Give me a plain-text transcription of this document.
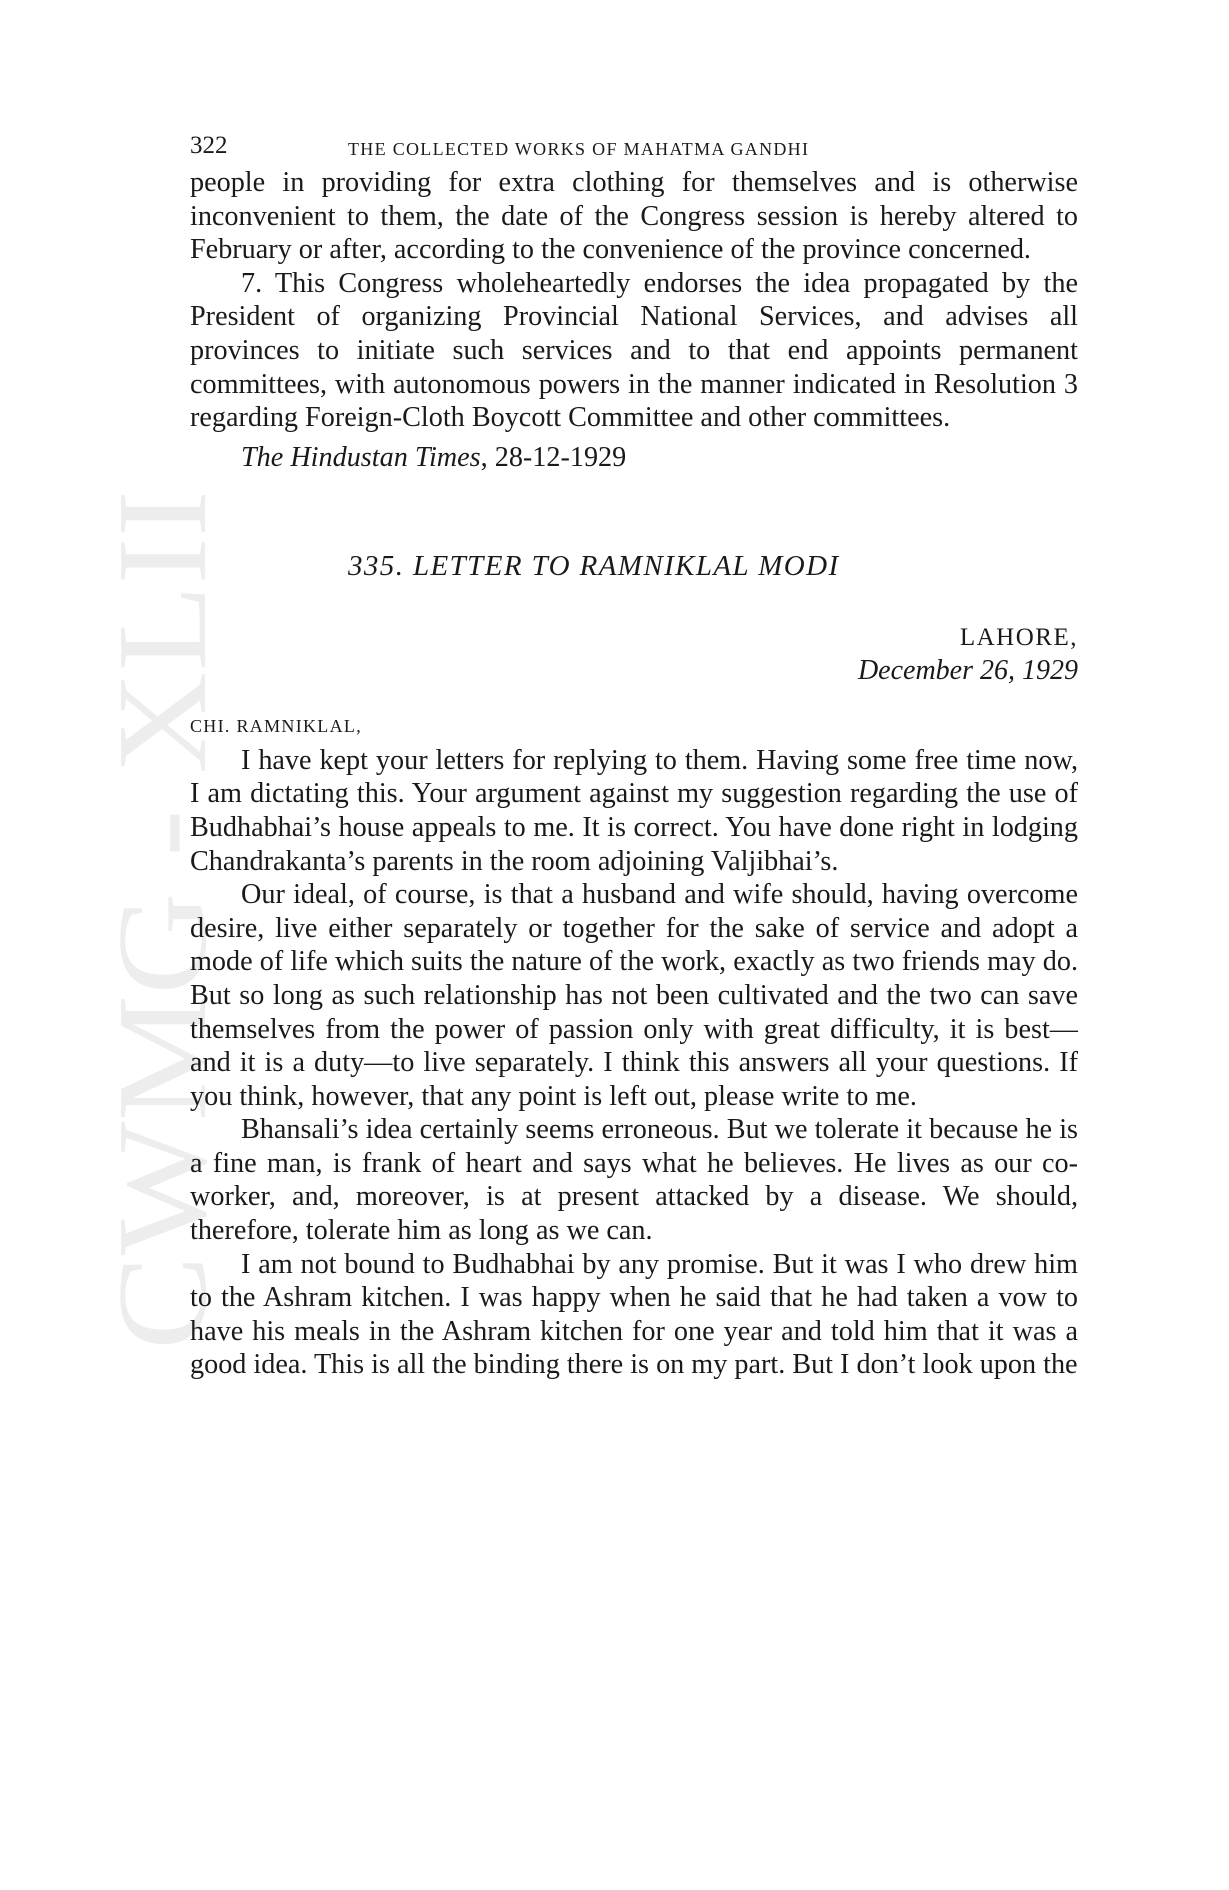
CWMG - XLII
322	THE COLLECTED WORKS OF MAHATMA GANDHI

people in providing for extra clothing for themselves and is otherwise inconvenient to them, the date of the Congress session is hereby altered to February or after, according to the convenience of the province concerned.

7. This Congress wholeheartedly endorses the idea propagated by the President of organizing Provincial National Services, and advises all provinces to initiate such services and to that end appoints permanent committees, with autonomous powers in the manner indicated in Resolution 3 regarding Foreign-Cloth Boycott Committee and other committees.

The Hindustan Times, 28-12-1929
335. LETTER TO RAMNIKLAL MODI
LAHORE,
December 26, 1929
CHI. RAMNIKLAL,

I have kept your letters for replying to them. Having some free time now, I am dictating this. Your argument against my suggestion regarding the use of Budhabhai’s house appeals to me. It is correct. You have done right in lodging Chandrakanta’s parents in the room adjoining Valjibhai’s.

Our ideal, of course, is that a husband and wife should, having overcome desire, live either separately or together for the sake of service and adopt a mode of life which suits the nature of the work, exactly as two friends may do. But so long as such relationship has not been cultivated and the two can save themselves from the power of passion only with great difficulty, it is best—and it is a duty—to live separately. I think this answers all your questions. If you think, however, that any point is left out, please write to me.

Bhansali’s idea certainly seems erroneous. But we tolerate it because he is a fine man, is frank of heart and says what he believes. He lives as our co-worker, and, moreover, is at present attacked by a disease. We should, therefore, tolerate him as long as we can.

I am not bound to Budhabhai by any promise. But it was I who drew him to the Ashram kitchen. I was happy when he said that he had taken a vow to have his meals in the Ashram kitchen for one year and told him that it was a good idea. This is all the binding there is on my part. But I don’t look upon the
